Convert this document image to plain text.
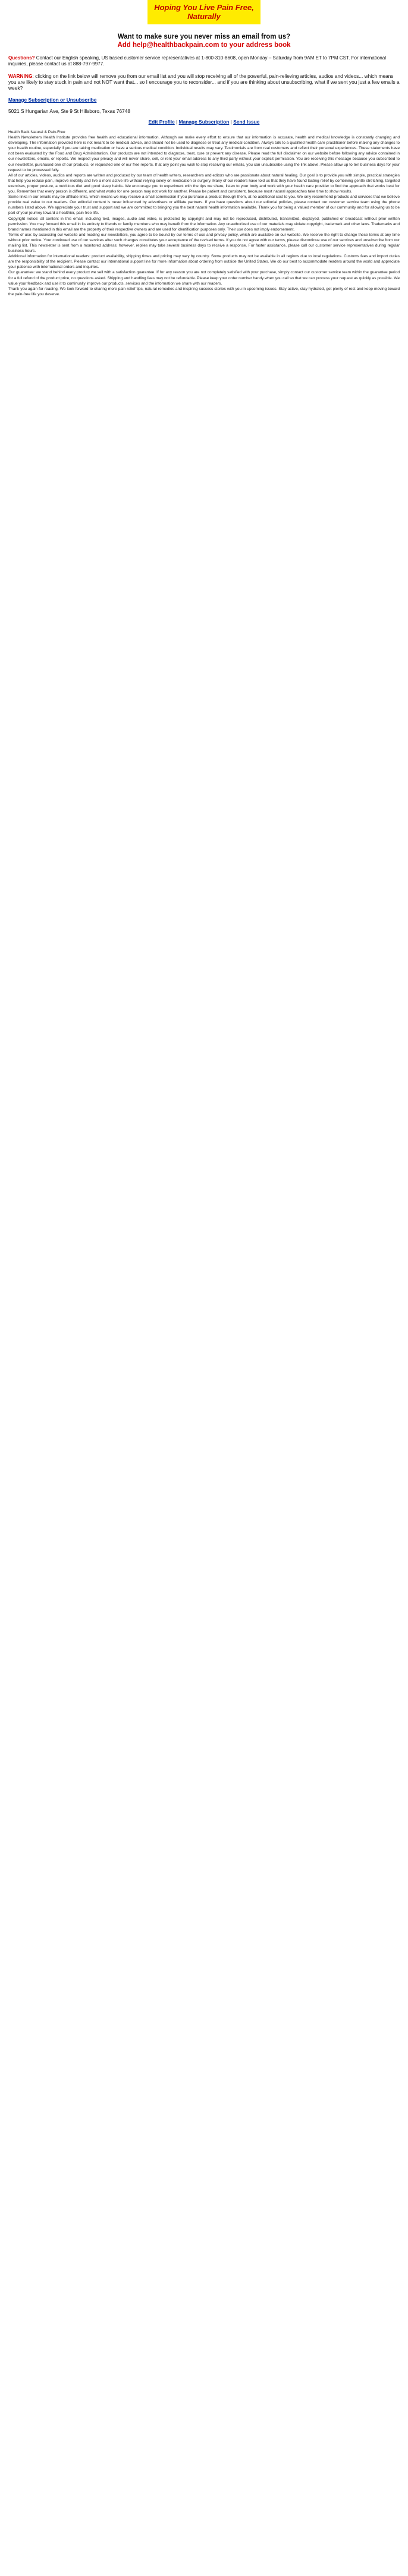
Hoping You Live Pain Free, Naturally
Want to make sure you never miss an email from us?
Add help@healthbackpain.com to your address book
Questions? Contact our English speaking, US based customer service representatives at 1-800-310-8608, open Monday – Saturday from 9AM ET to 7PM CST. For international inquiries, please contact us at 888-797-9977.
WARNING: clicking on the link below will remove you from our email list and you will stop receiving all of the powerful, pain-relieving articles, audios and videos... which means you are likely to stay stuck in pain and not NOT want that... so I encourage you to reconsider... and if you are thinking about unsubscribing, what if we sent you just a few emails a week?
Manage Subscription or Unsubscribe
5021 S Hungarian Ave, Ste 9 St Hillsboro, Texas 76748
Edit Profile | Manage Subscription | Send Issue

Health Back Natural & Pain-Free

Health Newsletters Health Institute provides free health and educational information. Although we make every effort to ensure that our information is accurate, health and medical knowledge is constantly changing and developing. The information provided here is not meant to be medical advice, and should not be used to diagnose or treat any medical condition. Always talk to a qualified health care practitioner before making any changes to your health routine, especially if you are taking medication or have a serious medical condition. Individual results may vary. Testimonials are from real customers and reflect their personal experiences. These statements have not been evaluated by the Food and Drug Administration. Our products are not intended to diagnose, treat, cure or prevent any disease. Please read the full disclaimer on our website before following any advice contained in our newsletters, emails, or reports. We respect your privacy and will never share, sell, or rent your email address to any third party without your explicit permission. You are receiving this message because you subscribed to our newsletter, purchased one of our products, or requested one of our free reports. If at any point you wish to stop receiving our emails, you can unsubscribe using the link above. Please allow up to ten business days for your request to be processed fully.

All of our articles, videos, audios and reports are written and produced by our team of health writers, researchers and editors who are passionate about natural healing. Our goal is to provide you with simple, practical strategies that help you reduce pain, improve mobility and live a more active life without relying solely on medication or surgery. Many of our readers have told us that they have found lasting relief by combining gentle stretching, targeted exercises, proper posture, a nutritious diet and good sleep habits. We encourage you to experiment with the tips we share, listen to your body and work with your health care provider to find the approach that works best for you. Remember that every person is different, and what works for one person may not work for another. Please be patient and consistent, because most natural approaches take time to show results.

Some links in our emails may be affiliate links, which means we may receive a small commission if you purchase a product through them, at no additional cost to you. We only recommend products and services that we believe provide real value to our readers. Our editorial content is never influenced by advertisers or affiliate partners. If you have questions about our editorial policies, please contact our customer service team using the phone numbers listed above. We appreciate your trust and support and we are committed to bringing you the best natural health information available. Thank you for being a valued member of our community and for allowing us to be part of your journey toward a healthier, pain-free life.

Copyright notice: all content in this email, including text, images, audio and video, is protected by copyright and may not be reproduced, distributed, transmitted, displayed, published or broadcast without prior written permission. You may forward this email in its entirety to friends or family members who may benefit from the information. Any unauthorized use of our materials may violate copyright, trademark and other laws. Trademarks and brand names mentioned in this email are the property of their respective owners and are used for identification purposes only. Their use does not imply endorsement.

Terms of use: by accessing our website and reading our newsletters, you agree to be bound by our terms of use and privacy policy, which are available on our website. We reserve the right to change these terms at any time without prior notice. Your continued use of our services after such changes constitutes your acceptance of the revised terms. If you do not agree with our terms, please discontinue use of our services and unsubscribe from our mailing list. This newsletter is sent from a monitored address; however, replies may take several business days to receive a response. For faster assistance, please call our customer service representatives during regular business hours.

Additional information for international readers: product availability, shipping times and pricing may vary by country. Some products may not be available in all regions due to local regulations. Customs fees and import duties are the responsibility of the recipient. Please contact our international support line for more information about ordering from outside the United States. We do our best to accommodate readers around the world and appreciate your patience with international orders and inquiries.

Our guarantee: we stand behind every product we sell with a satisfaction guarantee. If for any reason you are not completely satisfied with your purchase, simply contact our customer service team within the guarantee period for a full refund of the product price, no questions asked. Shipping and handling fees may not be refundable. Please keep your order number handy when you call so that we can process your request as quickly as possible. We value your feedback and use it to continually improve our products, services and the information we share with our readers.

Thank you again for reading. We look forward to sharing more pain relief tips, natural remedies and inspiring success stories with you in upcoming issues. Stay active, stay hydrated, get plenty of rest and keep moving toward the pain-free life you deserve.
